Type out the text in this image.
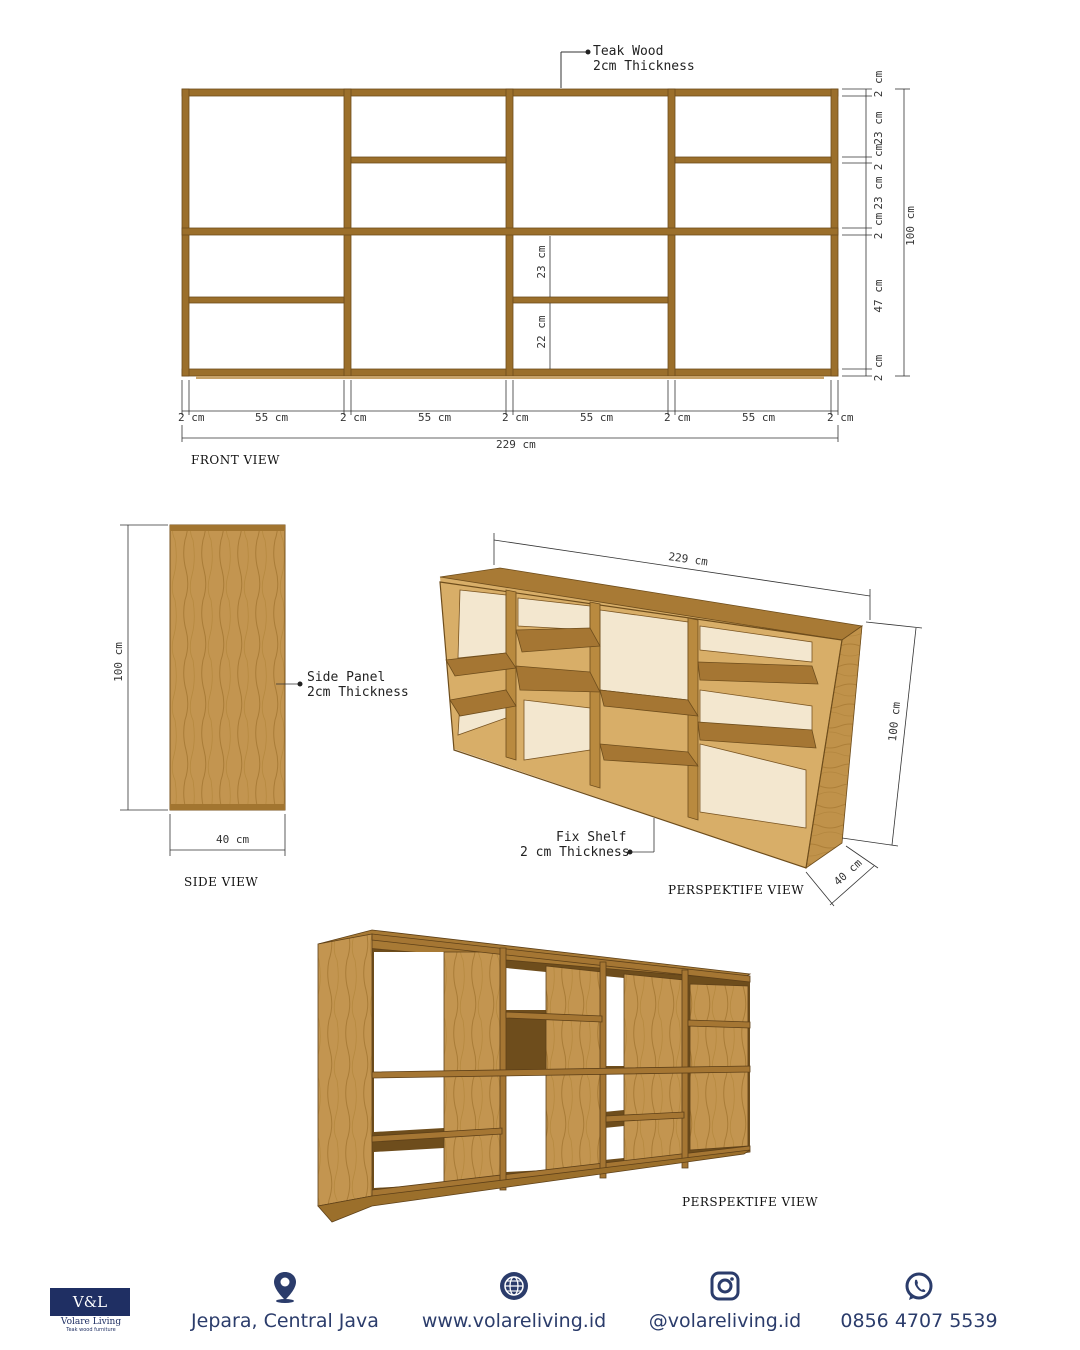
Teak Wood
2cm Thickness
23 cm
22 cm
2 cm	55 cm	2 cm	55 cm	2 cm	55 cm	2 cm	55 cm	2 cm
229 cm
FRONT VIEW
2 cm
23 cm
2 cm
23 cm
2 cm
47 cm
2 cm
100 cm
100 cm
40 cm
Side Panel
2cm Thickness
SIDE VIEW
229 cm
100 cm
40 cm
Fix Shelf
2 cm Thickness
PERSPEKTIFE VIEW
PERSPEKTIFE VIEW
V&L
Volare Living
Teak wood furniture	Jepara, Central Java	www.volareliving.id	@volareliving.id	0856 4707 5539
